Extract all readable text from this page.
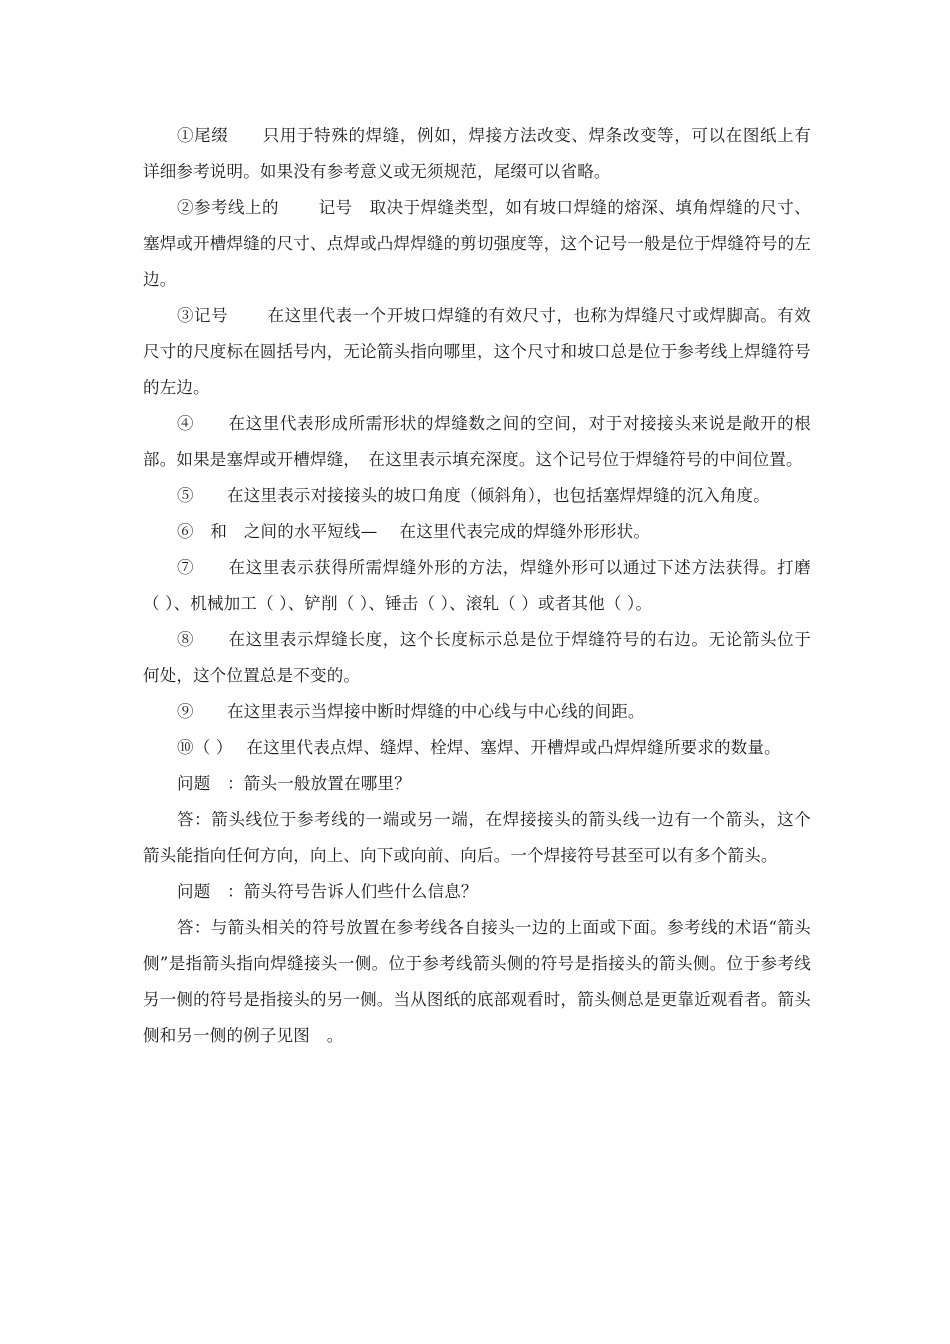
①尾缀　　只用于特殊的焊缝，例如，焊接方法改变、焊条改变等，可以在图纸上有详细参考说明。如果没有参考意义或无须规范，尾缀可以省略。

②参考线上的　　 记号　取决于焊缝类型，如有坡口焊缝的熔深、填角焊缝的尺寸、塞焊或开槽焊缝的尺寸、点焊或凸焊焊缝的剪切强度等，这个记号一般是位于焊缝符号的左边。

③记号　　 在这里代表一个开坡口焊缝的有效尺寸，也称为焊缝尺寸或焊脚高。有效尺寸的尺度标在圆括号内，无论箭头指向哪里，这个尺寸和坡口总是位于参考线上焊缝符号的左边。

④　　在这里代表形成所需形状的焊缝数之间的空间，对于对接接头来说是敞开的根部。如果是塞焊或开槽焊缝，　在这里表示填充深度。这个记号位于焊缝符号的中间位置。

⑤　　在这里表示对接接头的坡口角度（倾斜角），也包括塞焊焊缝的沉入角度。

⑥　和　之间的水平短线—　 在这里代表完成的焊缝外形形状。

⑦　　在这里表示获得所需焊缝外形的方法，焊缝外形可以通过下述方法获得。打磨（ ）、机械加工（ ）、铲削（ ）、锤击（ ）、滚轧（ ）或者其他（ ）。

⑧　　在这里表示焊缝长度，这个长度标示总是位于焊缝符号的右边。无论箭头位于何处，这个位置总是不变的。

⑨　　在这里表示当焊接中断时焊缝的中心线与中心线的间距。

⑩（ ）　 在这里代表点焊、缝焊、栓焊、塞焊、开槽焊或凸焊焊缝所要求的数量。

问题　：箭头一般放置在哪里？

答：箭头线位于参考线的一端或另一端，在焊接接头的箭头线一边有一个箭头，这个箭头能指向任何方向，向上、向下或向前、向后。一个焊接符号甚至可以有多个箭头。

问题　：箭头符号告诉人们些什么信息？

答：与箭头相关的符号放置在参考线各自接头一边的上面或下面。参考线的术语“箭头侧”是指箭头指向焊缝接头一侧。位于参考线箭头侧的符号是指接头的箭头侧。位于参考线另一侧的符号是指接头的另一侧。当从图纸的底部观看时，箭头侧总是更靠近观看者。箭头侧和另一侧的例子见图　。
